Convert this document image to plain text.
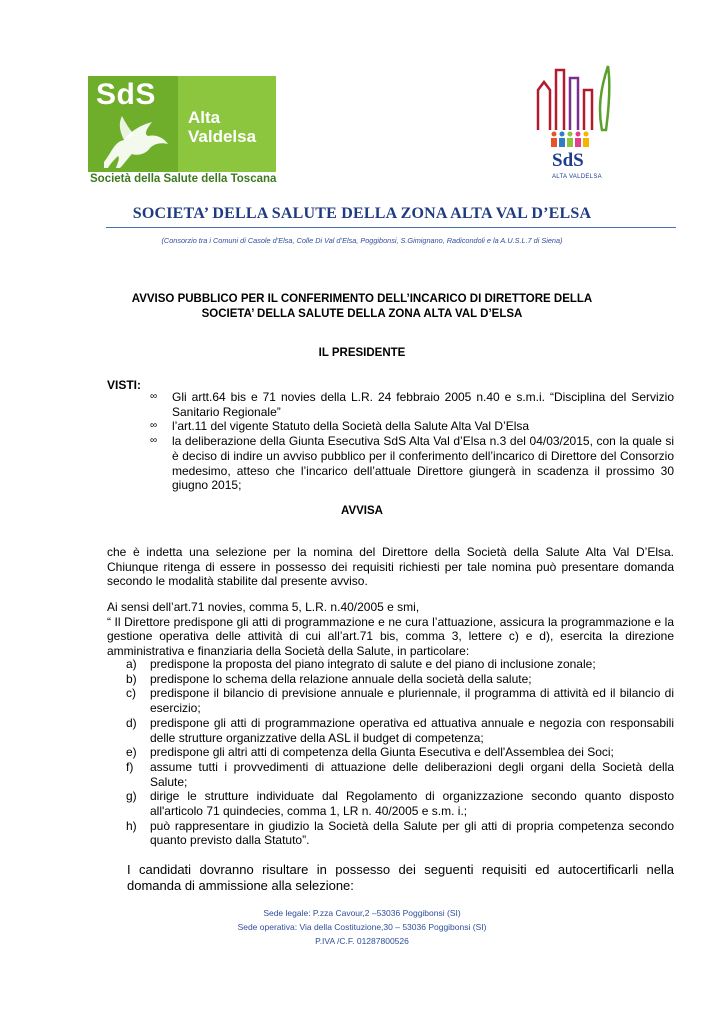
SdS
Alta
Valdelsa
Società della Salute della Toscana
SdS
ALTA VALDELSA
SOCIETA’ DELLA SALUTE DELLA ZONA ALTA VAL D’ELSA
(Consorzio tra i Comuni di Casole d’Elsa, Colle Di Val d’Elsa, Poggibonsi, S.Gimignano, Radicondoli e la A.U.S.L.7 di Siena)
AVVISO PUBBLICO PER IL CONFERIMENTO DELL’INCARICO DI DIRETTORE DELLA
SOCIETA’ DELLA SALUTE DELLA ZONA ALTA VAL D’ELSA
IL PRESIDENTE
VISTI:
∞ Gli artt.64 bis e 71 novies della L.R. 24 febbraio 2005 n.40 e s.m.i. “Disciplina del Servizio Sanitario Regionale”
∞ l’art.11 del vigente Statuto della Società della Salute Alta Val D’Elsa
∞ la deliberazione della Giunta Esecutiva SdS Alta Val d’Elsa n.3 del 04/03/2015, con la quale si è deciso di indire un avviso pubblico per il conferimento dell’incarico di Direttore del Consorzio medesimo, atteso che l’incarico dell’attuale Direttore giungerà in scadenza il prossimo 30 giugno 2015;
AVVISA
che è indetta una selezione per la nomina del Direttore della Società della Salute Alta Val D’Elsa. Chiunque ritenga di essere in possesso dei requisiti richiesti per tale nomina può presentare domanda secondo le modalità stabilite dal presente avviso.
Ai sensi dell’art.71 novies, comma 5, L.R. n.40/2005 e smi,
“ Il Direttore predispone gli atti di programmazione e ne cura l’attuazione, assicura la programmazione e la gestione operativa delle attività di cui all’art.71 bis, comma 3, lettere c) e d), esercita la direzione amministrativa e finanziaria della Società della Salute, in particolare:
a) predispone la proposta del piano integrato di salute e del piano di inclusione zonale;
b) predispone lo schema della relazione annuale della società della salute;
c) predispone il bilancio di previsione annuale e pluriennale, il programma di attività ed il bilancio di esercizio;
d) predispone gli atti di programmazione operativa ed attuativa annuale e negozia con responsabili delle strutture organizzative della ASL il budget di competenza;
e) predispone gli altri atti di competenza della Giunta Esecutiva e dell'Assemblea dei Soci;
f) assume tutti i provvedimenti di attuazione delle deliberazioni degli organi della Società della Salute;
g) dirige le strutture individuate dal Regolamento di organizzazione secondo quanto disposto all'articolo 71 quindecies, comma 1, LR n. 40/2005 e s.m. i.;
h) può rappresentare in giudizio la Società della Salute per gli atti di propria competenza secondo quanto previsto dalla Statuto”.
I candidati dovranno risultare in possesso dei seguenti requisiti ed autocertificarli nella domanda di ammissione alla selezione:
Sede legale: P.zza Cavour,2 –53036 Poggibonsi (SI)
Sede operativa: Via della Costituzione,30 – 53036 Poggibonsi (SI)
P.IVA /C.F. 01287800526
